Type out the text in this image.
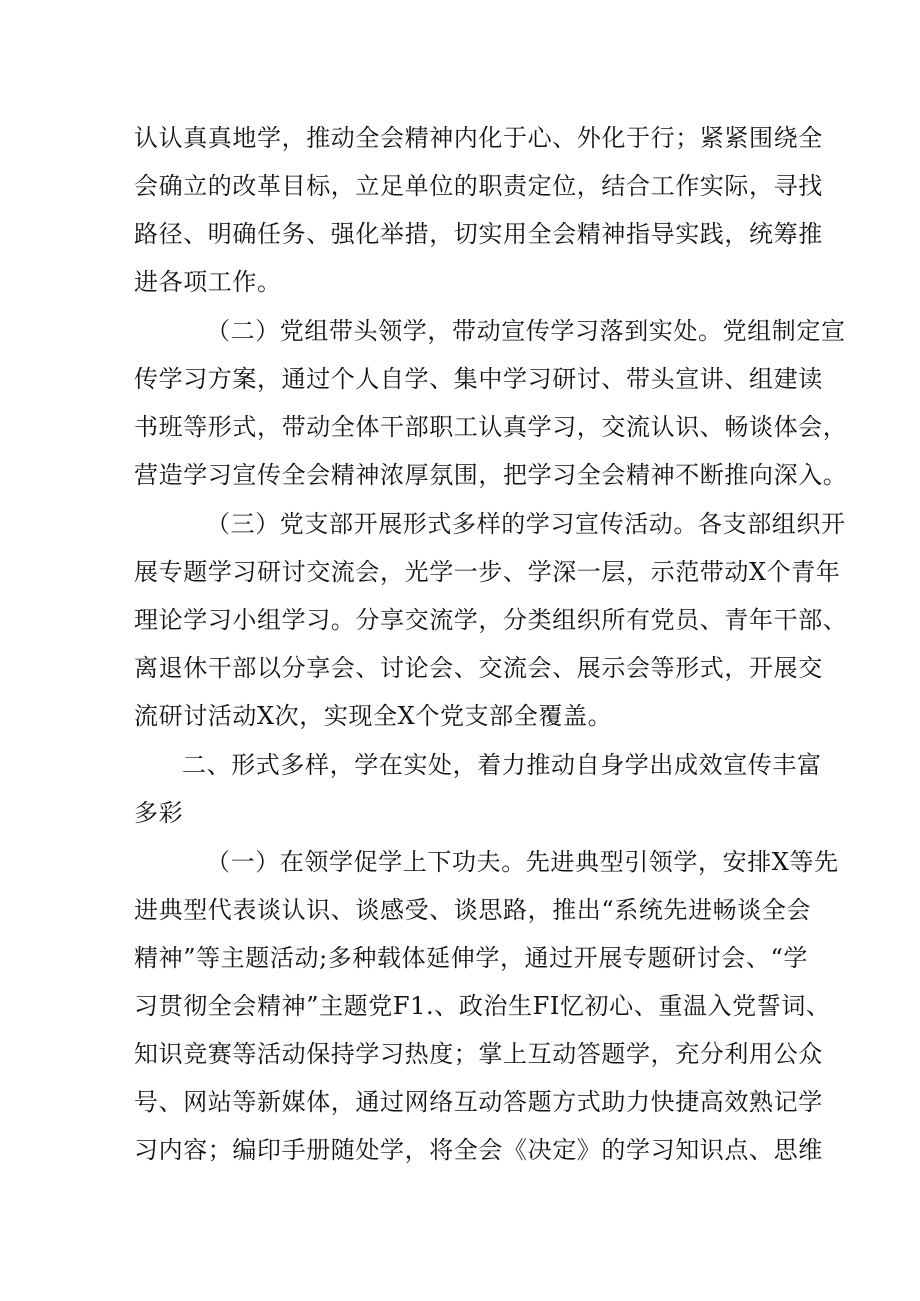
认认真真地学，推动全会精神内化于心、外化于行；紧紧围绕全
会确立的改革目标，立足单位的职责定位，结合工作实际，寻找
路径、明确任务、强化举措，切实用全会精神指导实践，统筹推
进各项工作。
（二）党组带头领学，带动宣传学习落到实处。党组制定宣
传学习方案，通过个人自学、集中学习研讨、带头宣讲、组建读
书班等形式，带动全体干部职工认真学习，交流认识、畅谈体会，
营造学习宣传全会精神浓厚氛围，把学习全会精神不断推向深入。
（三）党支部开展形式多样的学习宣传活动。各支部组织开
展专题学习研讨交流会，光学一步、学深一层，示范带动X个青年
理论学习小组学习。分享交流学，分类组织所有党员、青年干部、
离退休干部以分享会、讨论会、交流会、展示会等形式，开展交
流研讨活动X次，实现全X个党支部全覆盖。
二、形式多样，学在实处，着力推动自身学出成效宣传丰富
多彩
（一）在领学促学上下功夫。先进典型引领学，安排X等先
进典型代表谈认识、谈感受、谈思路，推出“系统先进畅谈全会
精神”等主题活动;多种载体延伸学，通过开展专题研讨会、“学
习贯彻全会精神”主题党F1.、政治生FI忆初心、重温入党誓词、
知识竞赛等活动保持学习热度；掌上互动答题学，充分利用公众
号、网站等新媒体，通过网络互动答题方式助力快捷高效熟记学
习内容；编印手册随处学，将全会《决定》的学习知识点、思维
